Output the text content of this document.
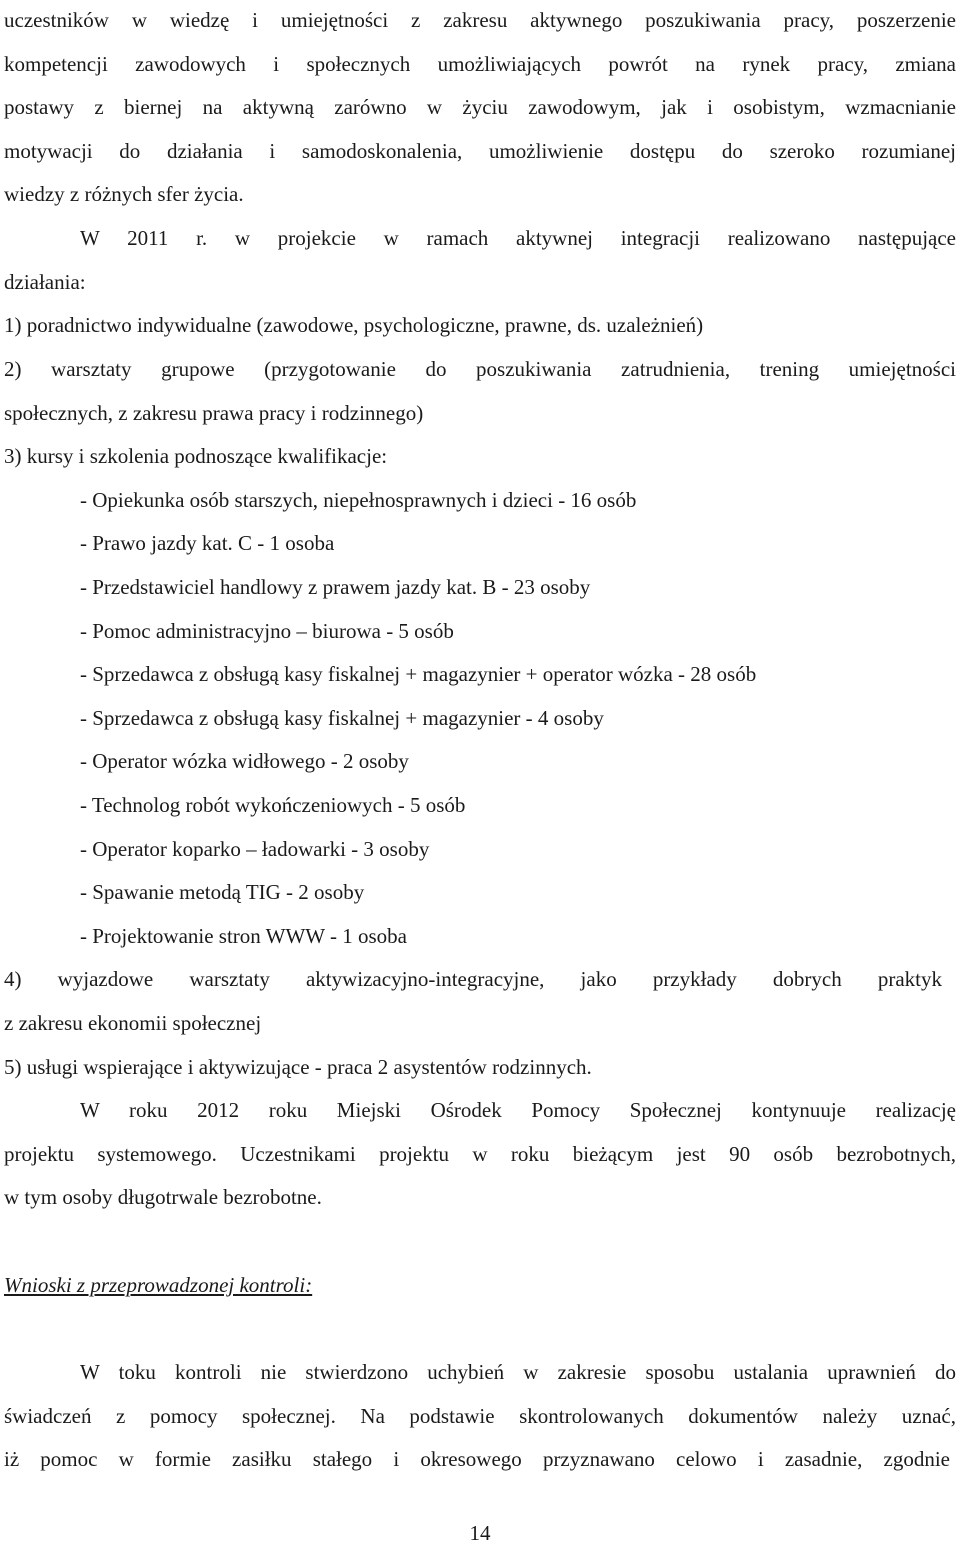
uczestników w wiedzę i umiejętności z zakresu aktywnego poszukiwania pracy, poszerzenie
kompetencji zawodowych i społecznych umożliwiających powrót na rynek pracy, zmiana
postawy z biernej na aktywną zarówno w życiu zawodowym, jak i osobistym, wzmacnianie
motywacji do działania i samodoskonalenia, umożliwienie dostępu do szeroko rozumianej
wiedzy z różnych sfer życia.
W 2011 r. w projekcie w ramach aktywnej integracji realizowano następujące
działania:
1) poradnictwo indywidualne (zawodowe, psychologiczne, prawne, ds. uzależnień)
2) warsztaty grupowe (przygotowanie do poszukiwania zatrudnienia, trening umiejętności
społecznych, z zakresu prawa pracy i rodzinnego)
3) kursy i szkolenia podnoszące kwalifikacje:
- Opiekunka osób starszych, niepełnosprawnych i dzieci - 16 osób
- Prawo jazdy kat. C - 1 osoba
- Przedstawiciel handlowy z prawem jazdy kat. B - 23 osoby
- Pomoc administracyjno – biurowa - 5 osób
- Sprzedawca z obsługą kasy fiskalnej + magazynier + operator wózka - 28 osób
- Sprzedawca z obsługą kasy fiskalnej + magazynier - 4 osoby
- Operator wózka widłowego - 2 osoby
- Technolog robót wykończeniowych - 5 osób
- Operator koparko – ładowarki - 3 osoby
- Spawanie metodą TIG - 2 osoby
- Projektowanie stron WWW - 1 osoba
4) wyjazdowe warsztaty aktywizacyjno-integracyjne, jako przykłady dobrych praktyk
z zakresu ekonomii społecznej
5) usługi wspierające i aktywizujące - praca 2 asystentów rodzinnych.
W roku 2012 roku Miejski Ośrodek Pomocy Społecznej kontynuuje realizację
projektu systemowego. Uczestnikami projektu w roku bieżącym jest 90 osób bezrobotnych,
w tym osoby długotrwale bezrobotne.
Wnioski z przeprowadzonej kontroli:
W toku kontroli nie stwierdzono uchybień w zakresie sposobu ustalania uprawnień do
świadczeń z pomocy społecznej. Na podstawie skontrolowanych dokumentów należy uznać,
iż pomoc w formie zasiłku stałego i okresowego przyznawano celowo i zasadnie, zgodnie
14
